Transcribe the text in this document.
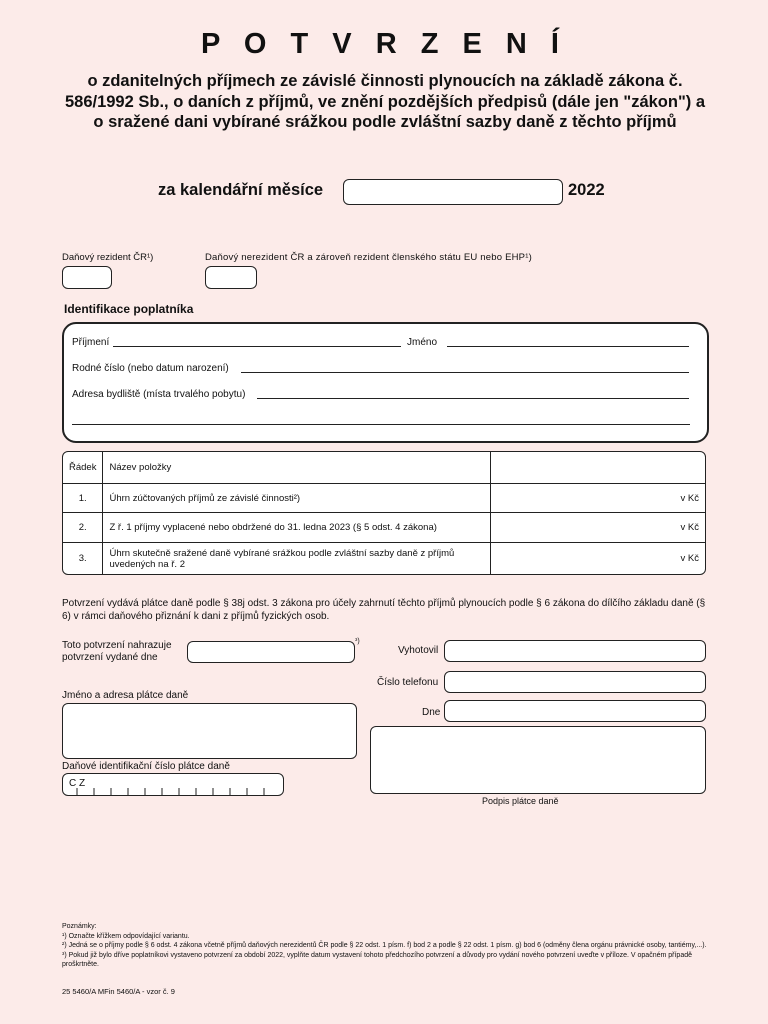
P O T V R Z E N Í
o zdanitelných příjmech ze závislé činnosti plynoucích na základě zákona č. 586/1992 Sb., o daních z příjmů, ve znění pozdějších předpisů (dále jen "zákon") a o sražené dani vybírané srážkou podle zvláštní sazby daně z těchto příjmů
za kalendářní měsíce	2022
Daňový rezident ČR¹)	Daňový nerezident ČR a zároveň rezident členského státu EU nebo EHP¹)
Identifikace poplatníka
Příjmení	Jméno
Rodné číslo (nebo datum narození)
Adresa bydliště (místa trvalého pobytu)
Řádek	Název položky	
1.	Úhrn zúčtovaných příjmů ze závislé činnosti²)	v Kč
2.	Z ř. 1 příjmy vyplacené nebo obdržené do 31. ledna 2023 (§ 5 odst. 4 zákona)	v Kč
3.	Úhrn skutečně sražené daně vybírané srážkou podle zvláštní sazby daně z příjmů uvedených na ř. 2	v Kč
Potvrzení vydává plátce daně podle § 38j odst. 3 zákona pro účely zahrnutí těchto příjmů plynoucích podle § 6 zákona do dílčího základu daně (§ 6) v rámci daňového přiznání k dani z příjmů fyzických osob.
Toto potvrzení nahrazuje
potvrzení vydané dne
³)
Jméno a adresa plátce daně
Daňové identifikační číslo plátce daně
C Z
Vyhotovil
Číslo telefonu
Dne
Podpis plátce daně
Poznámky:
¹) Označte křížkem odpovídající variantu.
²) Jedná se o příjmy podle § 6 odst. 4 zákona včetně příjmů daňových nerezidentů ČR podle § 22 odst. 1 písm. f) bod 2 a podle § 22 odst. 1 písm. g) bod 6 (odměny člena orgánu právnické osoby, tantiémy,...).
³) Pokud již bylo dříve poplatníkovi vystaveno potvrzení za období 2022, vyplňte datum vystavení tohoto předchozího potvrzení a důvody pro vydání nového potvrzení uveďte v příloze. V opačném případě proškrtněte.
25 5460/A MFin 5460/A - vzor č. 9
